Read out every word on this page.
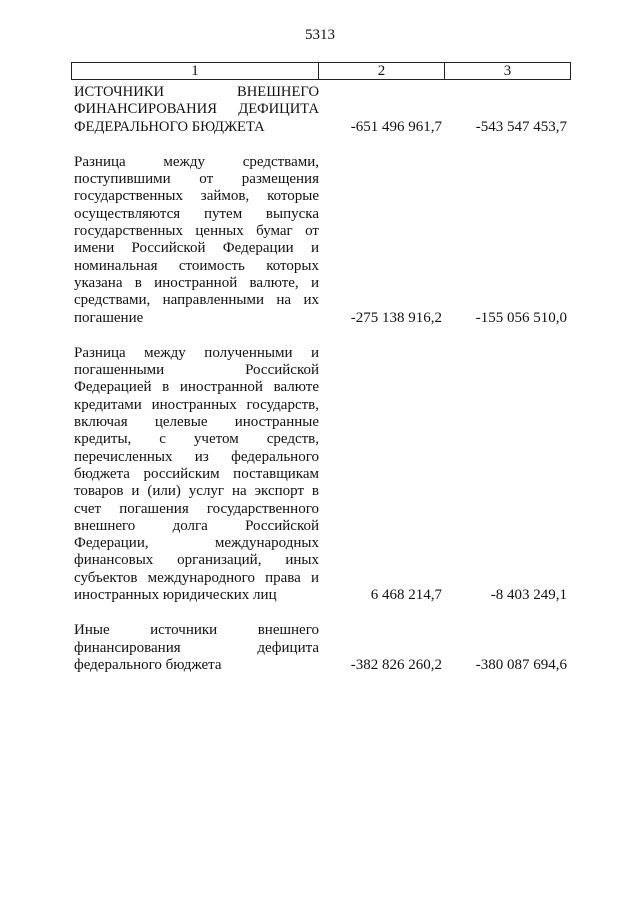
5313
1	2	3
ИСТОЧНИКИ ВНЕШНЕГО ФИНАНСИРОВАНИЯ ДЕФИЦИТА ФЕДЕРАЛЬНОГО БЮДЖЕТА	-651 496 961,7	-543 547 453,7
Разница между средствами, поступившими от размещения государственных займов, которые осуществляются путем выпуска государственных ценных бумаг от имени Российской Федерации и номинальная стоимость которых указана в иностранной валюте, и средствами, направленными на их погашение	-275 138 916,2	-155 056 510,0
Разница между полученными и погашенными Российской Федерацией в иностранной валюте кредитами иностранных государств, включая целевые иностранные кредиты, с учетом средств, перечисленных из федерального бюджета российским поставщикам товаров и (или) услуг на экспорт в счет погашения государственного внешнего долга Российской Федерации, международных финансовых организаций, иных субъектов международного права и иностранных юридических лиц	6 468 214,7	-8 403 249,1
Иные источники внешнего финансирования дефицита федерального бюджета	-382 826 260,2	-380 087 694,6
